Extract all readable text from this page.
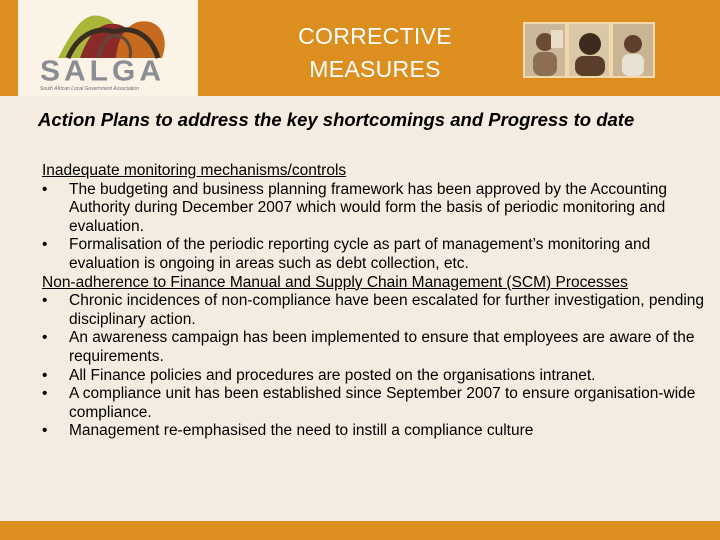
SALGA
South African Local Government Association
CORRECTIVE MEASURES
Action Plans to address the key shortcomings and Progress to date
Inadequate monitoring mechanisms/controls
• The budgeting and business planning framework has been approved by the Accounting Authority during December 2007 which would form the basis of periodic monitoring and evaluation.
• Formalisation of the periodic reporting cycle as part of management’s monitoring and evaluation is ongoing in areas such as debt collection, etc.
Non-adherence to Finance Manual and Supply Chain Management (SCM) Processes
• Chronic incidences of non-compliance have been escalated for further investigation, pending disciplinary action.
• An awareness campaign has been implemented to ensure that employees are aware of the requirements.
• All Finance policies and procedures are posted on the organisations intranet.
• A compliance unit has been established since September 2007 to ensure organisation-wide compliance.
• Management re-emphasised the need to instill a compliance culture
